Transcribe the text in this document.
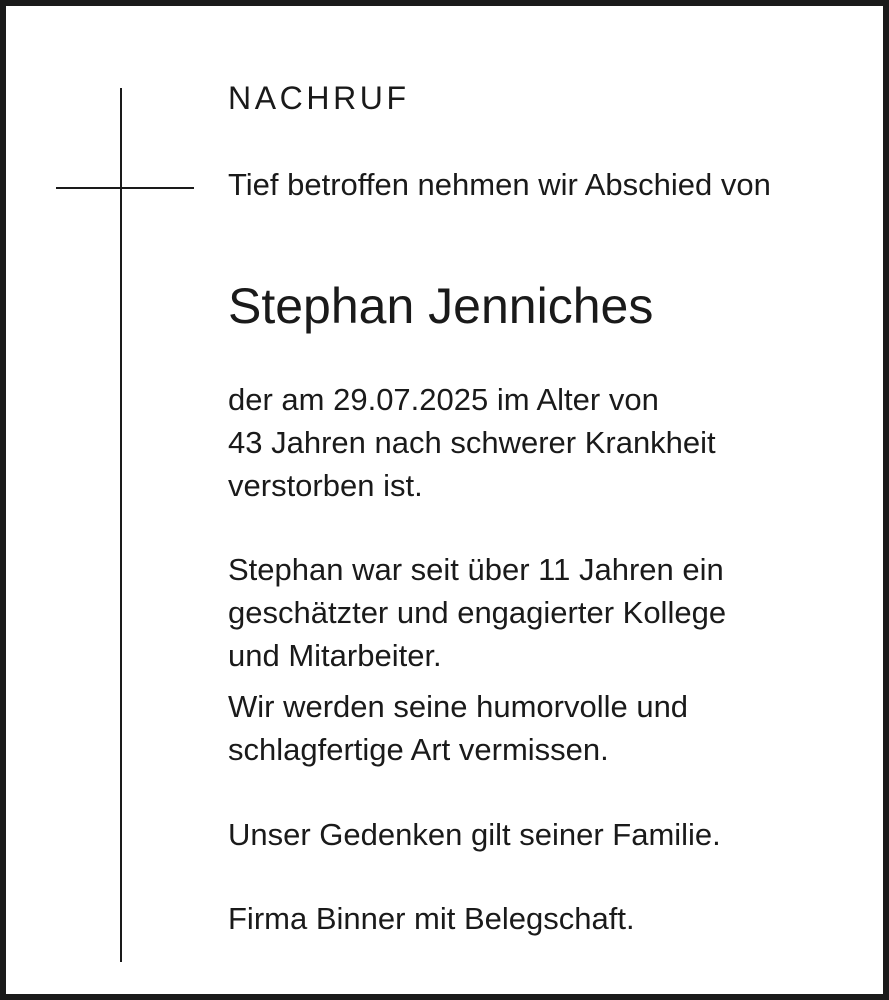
NACHRUF
Tief betroffen nehmen wir Abschied von
Stephan Jenniches

der am 29.07.2025 im Alter von
43 Jahren nach schwerer Krankheit
verstorben ist.

Stephan war seit über 11 Jahren ein
geschätzter und engagierter Kollege
und Mitarbeiter.

Wir werden seine humorvolle und
schlagfertige Art vermissen.

Unser Gedenken gilt seiner Familie.

Firma Binner mit Belegschaft.
